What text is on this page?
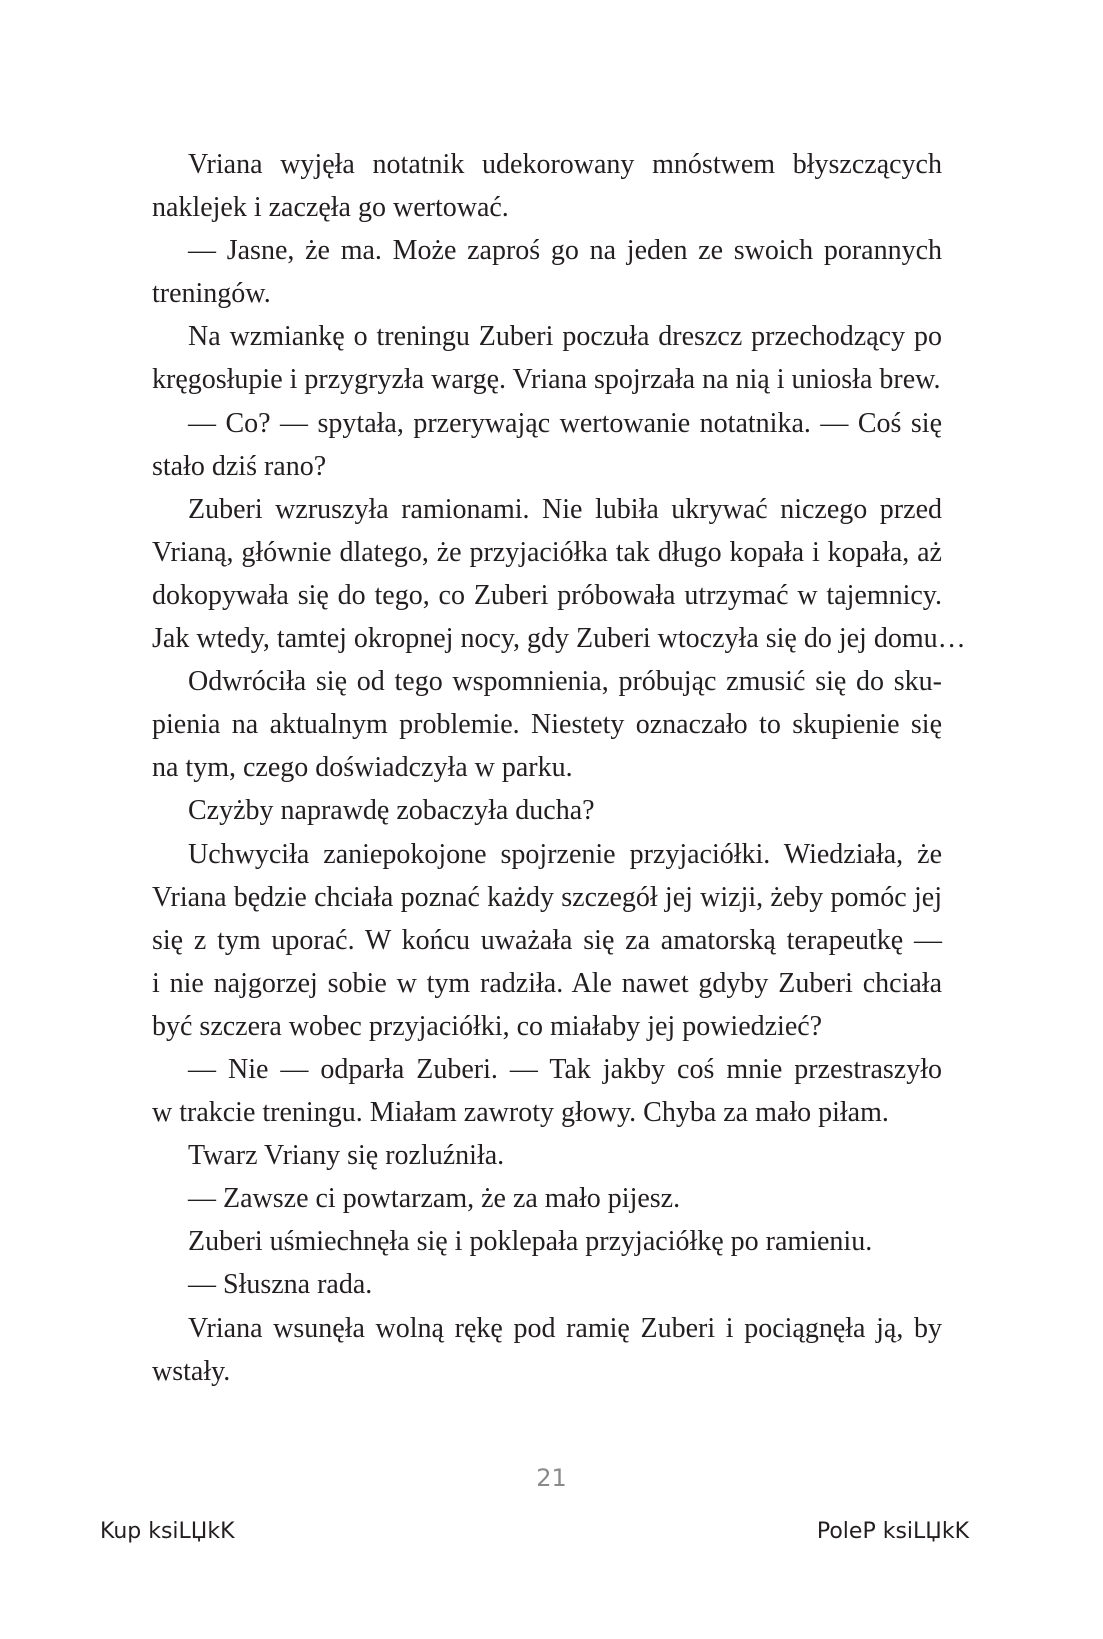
Vriana wyjęła notatnik udekorowany mnóstwem błyszczących
naklejek i zaczęła go wertować.
— Jasne, że ma. Może zaproś go na jeden ze swoich porannych
treningów.
Na wzmiankę o treningu Zuberi poczuła dreszcz przechodzący po
kręgosłupie i przygryzła wargę. Vriana spojrzała na nią i uniosła brew.
— Co? — spytała, przerywając wertowanie notatnika. — Coś się
stało dziś rano?
Zuberi wzruszyła ramionami. Nie lubiła ukrywać niczego przed
Vrianą, głównie dlatego, że przyjaciółka tak długo kopała i kopała, aż
dokopywała się do tego, co Zuberi próbowała utrzymać w tajemnicy.
Jak wtedy, tamtej okropnej nocy, gdy Zuberi wtoczyła się do jej domu…
Odwróciła się od tego wspomnienia, próbując zmusić się do sku-
pienia na aktualnym problemie. Niestety oznaczało to skupienie się
na tym, czego doświadczyła w parku.
Czyżby naprawdę zobaczyła ducha?
Uchwyciła zaniepokojone spojrzenie przyjaciółki. Wiedziała, że
Vriana będzie chciała poznać każdy szczegół jej wizji, żeby pomóc jej
się z tym uporać. W końcu uważała się za amatorską terapeutkę —
i nie najgorzej sobie w tym radziła. Ale nawet gdyby Zuberi chciała
być szczera wobec przyjaciółki, co miałaby jej powiedzieć?
— Nie — odparła Zuberi. — Tak jakby coś mnie przestraszyło
w trakcie treningu. Miałam zawroty głowy. Chyba za mało piłam.
Twarz Vriany się rozluźniła.
— Zawsze ci powtarzam, że za mało pijesz.
Zuberi uśmiechnęła się i poklepała przyjaciółkę po ramieniu.
— Słuszna rada.
Vriana wsunęła wolną rękę pod ramię Zuberi i pociągnęła ją, by
wstały.
21
Kup ksiLЏkK	PoleP ksiLЏkK
